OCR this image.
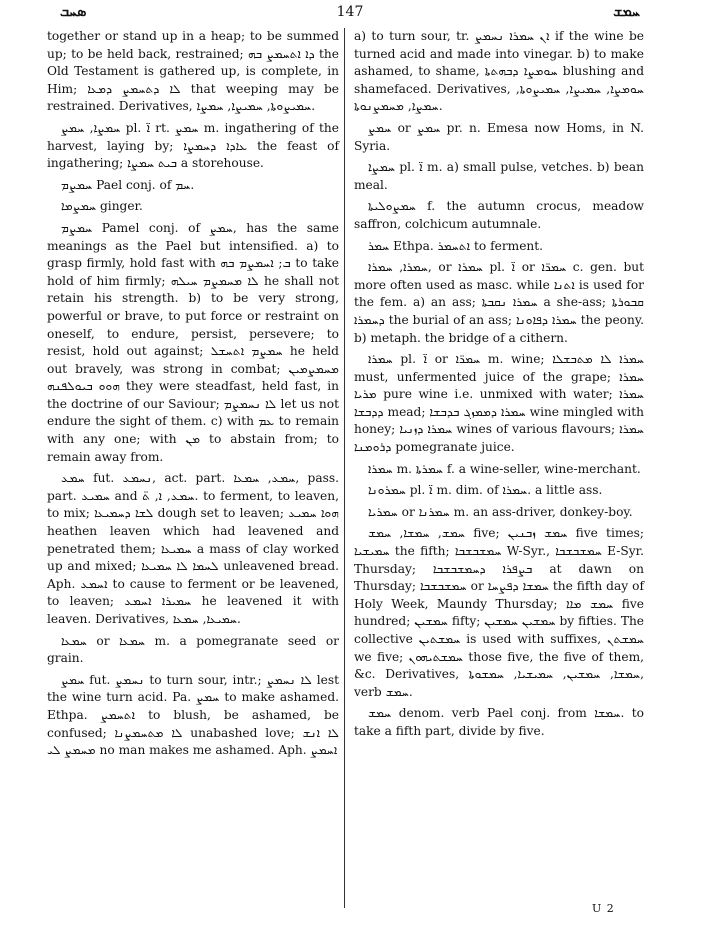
ܣܚܒ	147	ܚܡܫ

together or stand up in a heap; to be summed up; to be held back, restrained; ܕܐ ܐܬܚܡܨ ܒܗ the Old Testament is gathered up, is complete, in Him; ܠܐ ܕܬܚܡܨ ܕܡܥܐ that weeping may be restrained. Derivatives, ܚܡܝܨܘܬܐ, ܚܡܝܨܐ, ܚܡܨܐ.

ܚܡܨܐ, ܚܡܨ pl. ܐ̈ rt. ܚܡܨ m. ingathering of the harvest, laying by; ܥܐܕܐ ܕܚܡܨܐ the feast of ingathering; ܒܝܬ ܚܡܨܐ a storehouse.

ܚܡܨܡ Pael conj. of ܚܡ.

ܚܡܨܡܐ ginger.

ܚܡܨܡ Pamel conj. of ܚܡܨ, has the same meanings as the Pael but intensified. a) to grasp firmly, hold fast with ܒ; ܐܚܡܨܡ ܒܗ to take hold of him firmly; ܠܐ ܡܚܡܨܡ ܚܝܠܗ he shall not retain his strength. b) to be very strong, powerful or brave, to put force or restraint on oneself, to endure, persist, persevere; to resist, hold out against; ܚܡܨܡ ܐܬܚܫܠ he held out bravely, was strong in combat; ܡܚܡܨܡܝܢ ܗܘܘ ܒܝܘܠܦܢܗ they were steadfast, held fast, in the doctrine of our Saviour; ܠܐ ܢܚܡܨܡ let us not endure the sight of them. c) with ܥܡ to remain with any one; with ܡܢ to abstain from; to remain away from.

ܚܡܥ fut. ܢܚܡܥ, act. part. ܚܡܥ, ܚܡܥܐ, pass. part. ܚܡܝܥ and ܚܡܥ, ܐ, ܬ̈. to ferment, to leaven, to mix; ܠܫܐ ܕܚܡܝܥܐ dough set to leaven; ܗܘܐ ܚܡܝܥ heathen leaven which had leavened and penetrated them; ܚܡܝܥܐ a mass of clay worked up and mixed; ܠܚܡܐ ܠܐ ܚܡܝܥܐ unleavened bread. Aph. ܐܚܡܥ to cause to ferment or be leavened, to leaven; ܚܡܝܪܐ ܐܚܡܥ he leavened it with leaven. Derivatives, ܚܡܝܥܐ, ܚܡܥܐ.

ܚܡܥܐ or ܚܡܥܐ m. a pomegranate seed or grain.

ܚܡܨ fut. ܢܚܡܨ to turn sour, intr.; ܠܐ ܢܚܡܨ lest the wine turn acid. Pa. ܚܡܨ to make ashamed. Ethpa. ܐܬܚܡܨ to blush, be ashamed, be confused; ܠܐ ܡܬܚܡܨܢܐ unabashed love; ܠܐ ܐܢܫ ܡܚܡܨ ܠܝ no man makes me ashamed. Aph. ܐܚܡܨ

a) to turn sour, tr. ܐܢ ܚܡܪܐ ܢܚܡܨ if the wine be turned acid and made into vinegar. b) to make ashamed, to shame, ܚܘܡܨܐ ܕܒܗܬܬܐ blushing and shamefaced. Derivatives, ܚܘܡܨܐ, ܚܡܝܨܐ, ܚܡܝܨܘܬܐ, ܚܡܨܐ, ܡܚܡܨܢܘܬܐ.

ܚܡܨ or ܚܡܨ pr. n. Emesa now Homs, in N. Syria.

ܚܡܨܐ pl. ܐ̈ m. a) small pulse, vetches. b) bean meal.

ܚܡܨܘܠܝܬܐ f. the autumn crocus, meadow saffron, colchicum autumnale.

ܚܡܪ Ethpa. ܐܬܚܡܪ to ferment.

ܚܡܪܐ, ܚܡܪܐ, or ܚܡܪܐ pl. ܐ̈ or ܚܡܪ̈ܐ c. gen. but more often used as masc. while ܐܬܢܐ is used for the fem. a) an ass; ܚܡܪܐ ܢܩܒܬܐ a she-ass; ܩܒܘܪܬܐ ܕܚܡܪܐ the burial of an ass; ܚܡܪܐ ܕܦܐܘܢܐ the peony. b) metaph. the bridge of a cithern.

ܚܡܪܐ pl. ܐ̈ or ܚܡܪ̈ܐ m. wine; ܚܡܪܐ ܠܐ ܡܬܒܫܠܐ must, unfermented juice of the grape; ܚܡܪܐ ܡܪܝܐ pure wine i.e. unmixed with water; ܚܡܪܐ ܕܕܒܫܐ mead; ܚܡܪܐ ܕܡܡܙܓ ܒܕܒܫܐ wine mingled with honey; ܚܡܪܐ ܕܙܢܝܐ wines of various flavours; ܚܡܪܐ ܕܪܘܡܢܐ pomegranate juice.

ܚܡܪܐ m. ܚܡܪܬܐ f. a wine-seller, wine-merchant.

ܚܡܪܘܢܐ pl. ܐ̈ m. dim. of ܚܡܪܐ. a little ass.

ܚܡܪܝܐ or ܚܡܪܢܐ m. an ass-driver, donkey-boy.

ܚܡܫ, ܚܡܫܐ, ܚܡܫ five; ܚܡܫ ܙܒܢܝܢ five times; ܚܡܝܫܝܐ the fifth; ܚܡܫܒܫܒܐ W-Syr., ܚܡܫܒܫܒܐ E-Syr. Thursday; ܒܨܦܪܐ ܕܚܡܫܒܫܒܐ at dawn on Thursday; ܚܡܫܒܫܒܐ or ܚܡܫܐ ܕܦܨܚܐ the fifth day of Holy Week, Maundy Thursday; ܚܡܫ ܡܐܐ five hundred; ܚܡܫܝܢ fifty; ܚܡܫܝܢ ܚܡܫܝܢ by fifties. The collective ܚܡܫܬܝܢ is used with suffixes, ܚܡܫܬܢ we five; ܚܡܫܬܝܗܘܢ those five, the five of them, &c. Derivatives, ܚܡܫܐ, ܚܡܫܝܢ, ܚܡܝܫܝܐ, ܚܡܫܘܬܐ, verb ܚܡܫ.

ܚܡܫ denom. verb Pael conj. from ܚܡܫܐ. to take a fifth part, divide by five.

U 2
